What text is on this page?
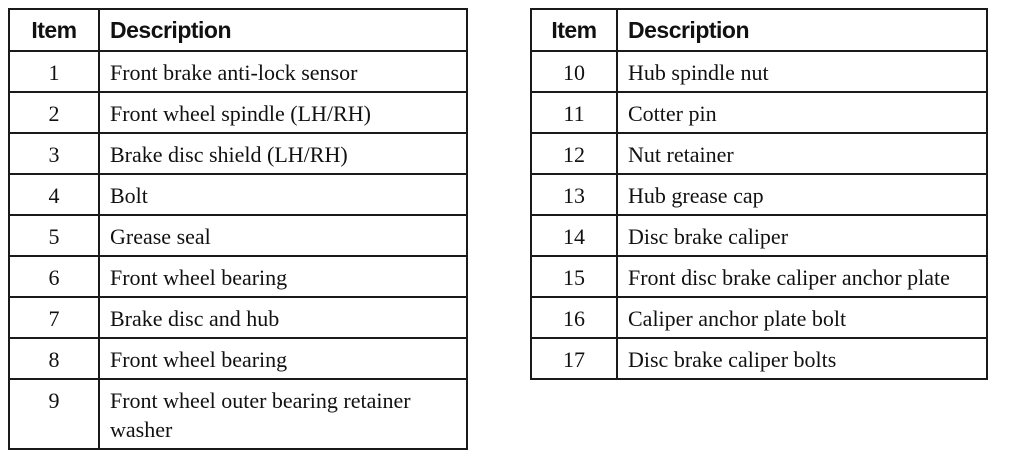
Item	Description
1	Front brake anti-lock sensor
2	Front wheel spindle (LH/RH)
3	Brake disc shield (LH/RH)
4	Bolt
5	Grease seal
6	Front wheel bearing
7	Brake disc and hub
8	Front wheel bearing
9	Front wheel outer bearing retainer washer
Item	Description
10	Hub spindle nut
11	Cotter pin
12	Nut retainer
13	Hub grease cap
14	Disc brake caliper
15	Front disc brake caliper anchor plate
16	Caliper anchor plate bolt
17	Disc brake caliper bolts
